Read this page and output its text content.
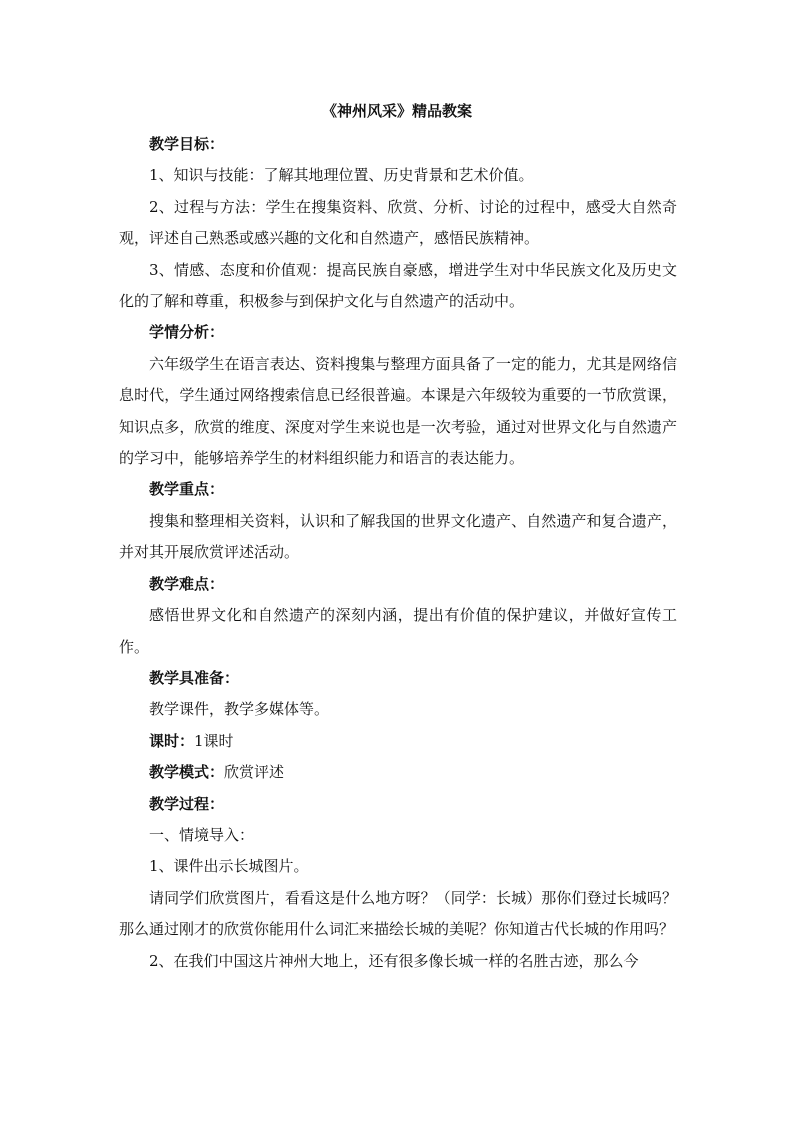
《神州风采》精品教案

教学目标：

1、知识与技能：了解其地理位置、历史背景和艺术价值。

2、过程与方法：学生在搜集资料、欣赏、分析、讨论的过程中，感受大自然奇观，评述自己熟悉或感兴趣的文化和自然遗产，感悟民族精神。

3、情感、态度和价值观：提高民族自豪感，增进学生对中华民族文化及历史文化的了解和尊重，积极参与到保护文化与自然遗产的活动中。

学情分析：

六年级学生在语言表达、资料搜集与整理方面具备了一定的能力，尤其是网络信息时代，学生通过网络搜索信息已经很普遍。本课是六年级较为重要的一节欣赏课，知识点多，欣赏的维度、深度对学生来说也是一次考验，通过对世界文化与自然遗产的学习中，能够培养学生的材料组织能力和语言的表达能力。

教学重点：

搜集和整理相关资料，认识和了解我国的世界文化遗产、自然遗产和复合遗产，并对其开展欣赏评述活动。

教学难点：

感悟世界文化和自然遗产的深刻内涵，提出有价值的保护建议，并做好宣传工作。

教学具准备：

教学课件，教学多媒体等。

课时：1课时

教学模式：欣赏评述

教学过程：

一、情境导入：

1、课件出示长城图片。

请同学们欣赏图片，看看这是什么地方呀？（同学：长城）那你们登过长城吗？那么通过刚才的欣赏你能用什么词汇来描绘长城的美呢？你知道古代长城的作用吗？

2、在我们中国这片神州大地上，还有很多像长城一样的名胜古迹，那么今
